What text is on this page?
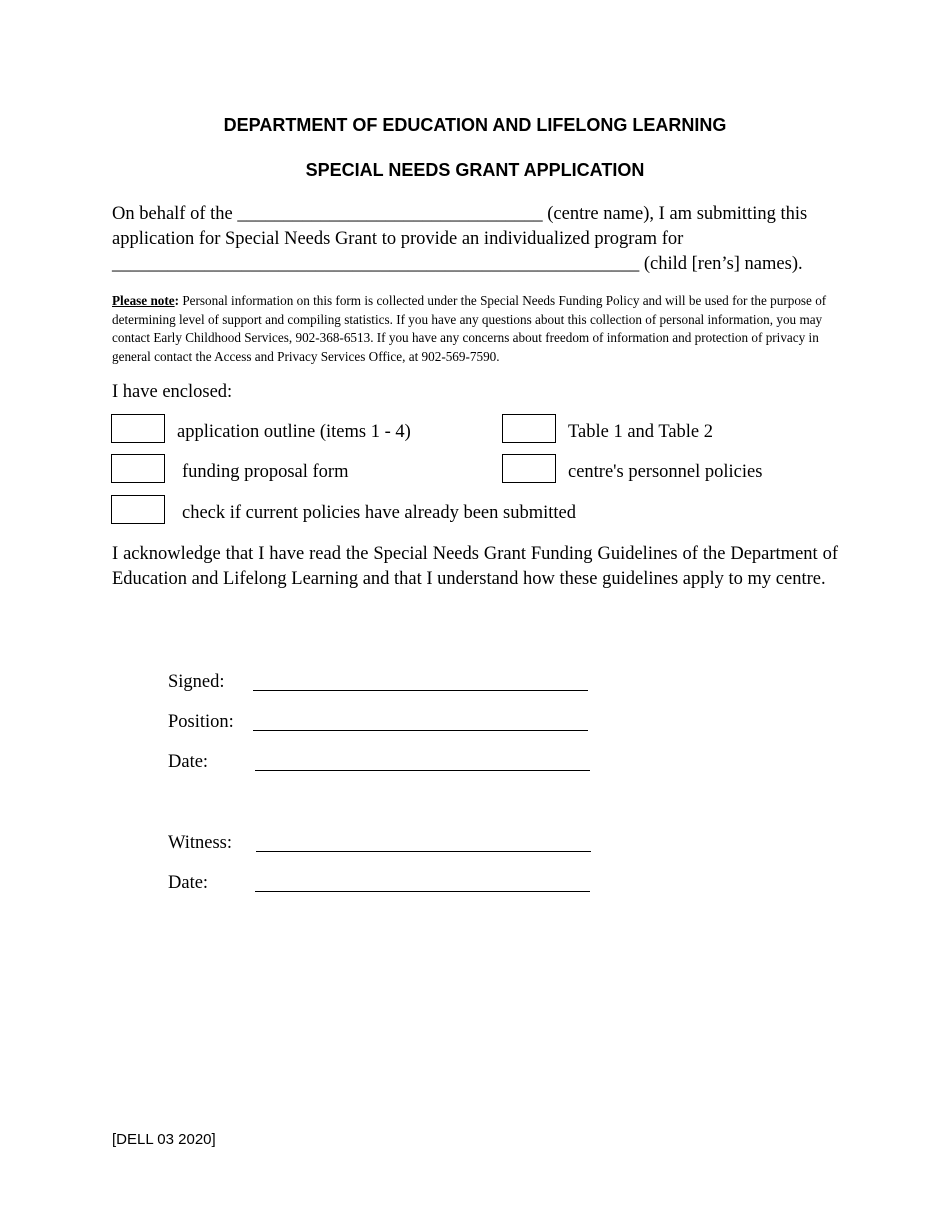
DEPARTMENT OF EDUCATION AND LIFELONG LEARNING
SPECIAL NEEDS GRANT APPLICATION
On behalf of the _________________________________ (centre name), I am submitting this
application for Special Needs Grant to provide an individualized program for
_________________________________________________________ (child [ren’s] names).
Please note: Personal information on this form is collected under the Special Needs Funding Policy and will be used for the purpose of determining level of support and compiling statistics. If you have any questions about this collection of personal information, you may contact Early Childhood Services, 902-368-6513. If you have any concerns about freedom of information and protection of privacy in general contact the Access and Privacy Services Office, at 902-569-7590.
I have enclosed:
application outline (items 1 - 4)	Table 1 and Table 2
funding proposal form	centre's personnel policies
check if current policies have already been submitted
I acknowledge that I have read the Special Needs Grant Funding Guidelines of the Department of Education and Lifelong Learning and that I understand how these guidelines apply to my centre.
Signed:
Position:
Date:
Witness:
Date:
[DELL 03 2020]
